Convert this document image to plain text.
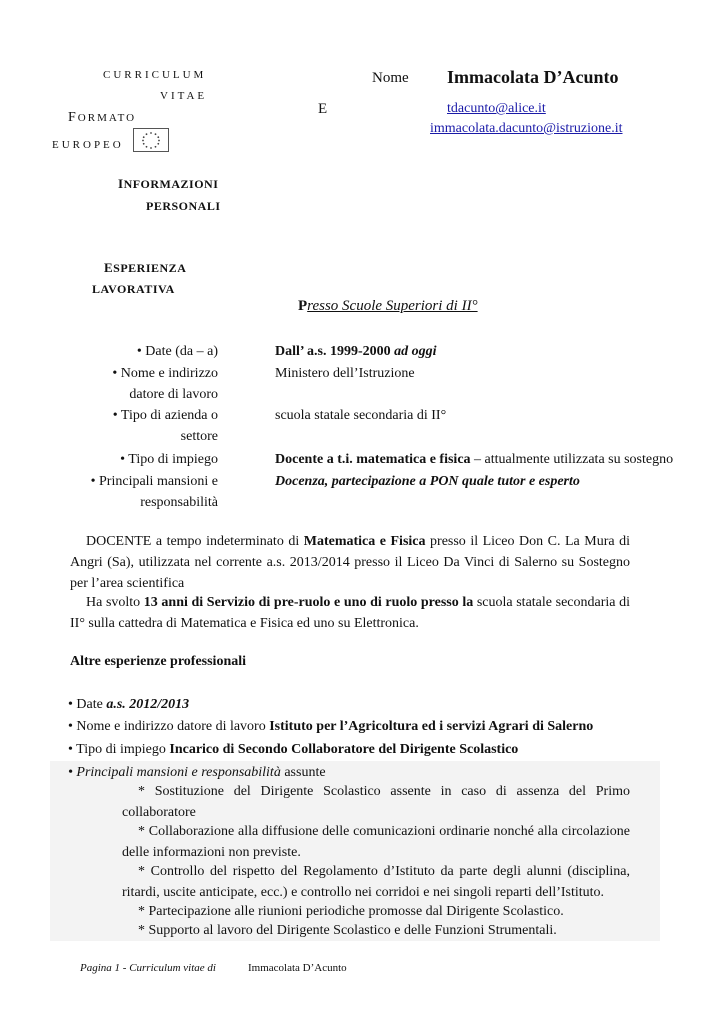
CURRICULUM
VITAE
FORMATO
EUROPEO
Nome Immacolata D’Acunto
E	tdacunto@alice.it
immacolata.dacunto@istruzione.it
INFORMAZIONI
PERSONALI
ESPERIENZA
LAVORATIVA
Presso Scuole Superiori di II°
• Date (da – a)
• Nome e indirizzo
datore di lavoro
• Tipo di azienda o
settore
• Tipo di impiego
• Principali mansioni e
responsabilità
Dall’ a.s. 1999-2000 ad oggi
Ministero dell’Istruzione
scuola statale secondaria di II°
Docente a t.i. matematica e fisica – attualmente utilizzata su sostegno
Docenza, partecipazione a PON quale tutor e esperto
DOCENTE a tempo indeterminato di Matematica e Fisica presso il Liceo Don C. La Mura di Angri (Sa), utilizzata nel corrente a.s. 2013/2014 presso il Liceo Da Vinci di Salerno su Sostegno per l’area scientifica
Ha svolto 13 anni di Servizio di pre-ruolo e uno di ruolo presso la scuola statale secondaria di II° sulla cattedra di Matematica e Fisica ed uno su Elettronica.
Altre esperienze professionali
• Date a.s. 2012/2013
• Nome e indirizzo datore di lavoro Istituto per l’Agricoltura ed i servizi Agrari di Salerno
• Tipo di impiego Incarico di Secondo Collaboratore del Dirigente Scolastico
• Principali mansioni e responsabilità assunte
* Sostituzione del Dirigente Scolastico assente in caso di assenza del Primo collaboratore
* Collaborazione alla diffusione delle comunicazioni ordinarie nonché alla circolazione delle informazioni non previste.
* Controllo del rispetto del Regolamento d’Istituto da parte degli alunni (disciplina, ritardi, uscite anticipate, ecc.) e controllo nei corridoi e nei singoli reparti dell’Istituto.
* Partecipazione alle riunioni periodiche promosse dal Dirigente Scolastico.
* Supporto al lavoro del Dirigente Scolastico e delle Funzioni Strumentali.
Pagina 1 - Curriculum vitae di	Immacolata D’Acunto
